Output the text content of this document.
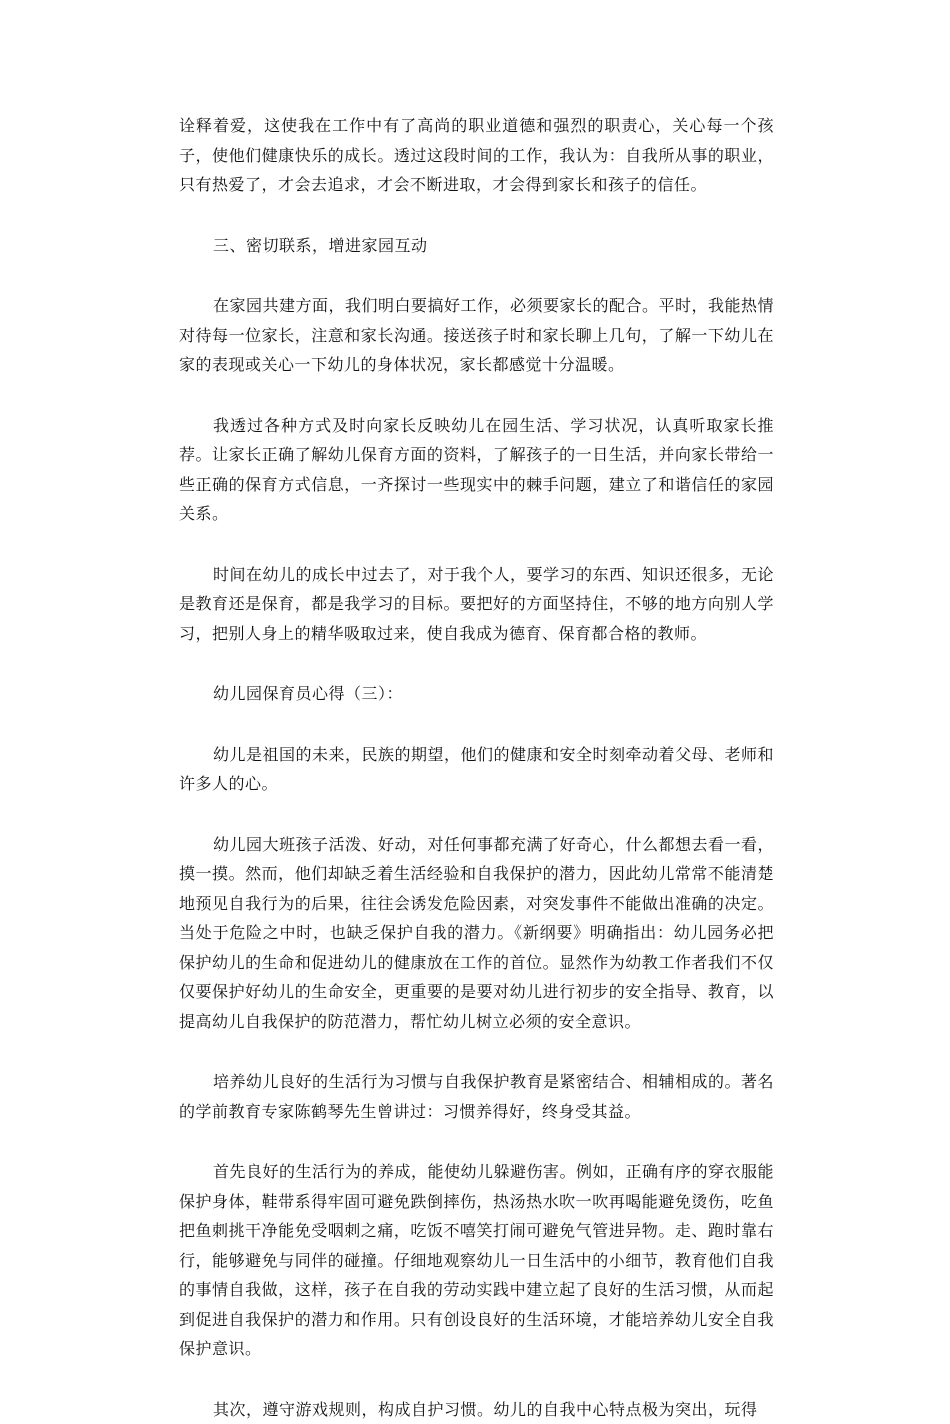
诠释着爱，这使我在工作中有了高尚的职业道德和强烈的职责心，关心每一个孩子，使他们健康快乐的成长。透过这段时间的工作，我认为：自我所从事的职业，只有热爱了，才会去追求，才会不断进取，才会得到家长和孩子的信任。

三、密切联系，增进家园互动

在家园共建方面，我们明白要搞好工作，必须要家长的配合。平时，我能热情对待每一位家长，注意和家长沟通。接送孩子时和家长聊上几句，了解一下幼儿在家的表现或关心一下幼儿的身体状况，家长都感觉十分温暖。

我透过各种方式及时向家长反映幼儿在园生活、学习状况，认真听取家长推荐。让家长正确了解幼儿保育方面的资料，了解孩子的一日生活，并向家长带给一些正确的保育方式信息，一齐探讨一些现实中的棘手问题，建立了和谐信任的家园关系。

时间在幼儿的成长中过去了，对于我个人，要学习的东西、知识还很多，无论是教育还是保育，都是我学习的目标。要把好的方面坚持住，不够的地方向别人学习，把别人身上的精华吸取过来，使自我成为德育、保育都合格的教师。

幼儿园保育员心得（三）：

幼儿是祖国的未来，民族的期望，他们的健康和安全时刻牵动着父母、老师和许多人的心。

幼儿园大班孩子活泼、好动，对任何事都充满了好奇心，什么都想去看一看，摸一摸。然而，他们却缺乏着生活经验和自我保护的潜力，因此幼儿常常不能清楚地预见自我行为的后果，往往会诱发危险因素，对突发事件不能做出准确的决定。当处于危险之中时，也缺乏保护自我的潜力。《新纲要》明确指出：幼儿园务必把保护幼儿的生命和促进幼儿的健康放在工作的首位。显然作为幼教工作者我们不仅仅要保护好幼儿的生命安全，更重要的是要对幼儿进行初步的安全指导、教育，以提高幼儿自我保护的防范潜力，帮忙幼儿树立必须的安全意识。

培养幼儿良好的生活行为习惯与自我保护教育是紧密结合、相辅相成的。著名的学前教育专家陈鹤琴先生曾讲过：习惯养得好，终身受其益。

首先良好的生活行为的养成，能使幼儿躲避伤害。例如，正确有序的穿衣服能保护身体，鞋带系得牢固可避免跌倒摔伤，热汤热水吹一吹再喝能避免烫伤，吃鱼把鱼刺挑干净能免受咽刺之痛，吃饭不嘻笑打闹可避免气管进异物。走、跑时靠右行，能够避免与同伴的碰撞。仔细地观察幼儿一日生活中的小细节，教育他们自我的事情自我做，这样，孩子在自我的劳动实践中建立起了良好的生活习惯，从而起到促进自我保护的潜力和作用。只有创设良好的生活环境，才能培养幼儿安全自我保护意识。

其次，遵守游戏规则，构成自护习惯。幼儿的自我中心特点极为突出，玩得
